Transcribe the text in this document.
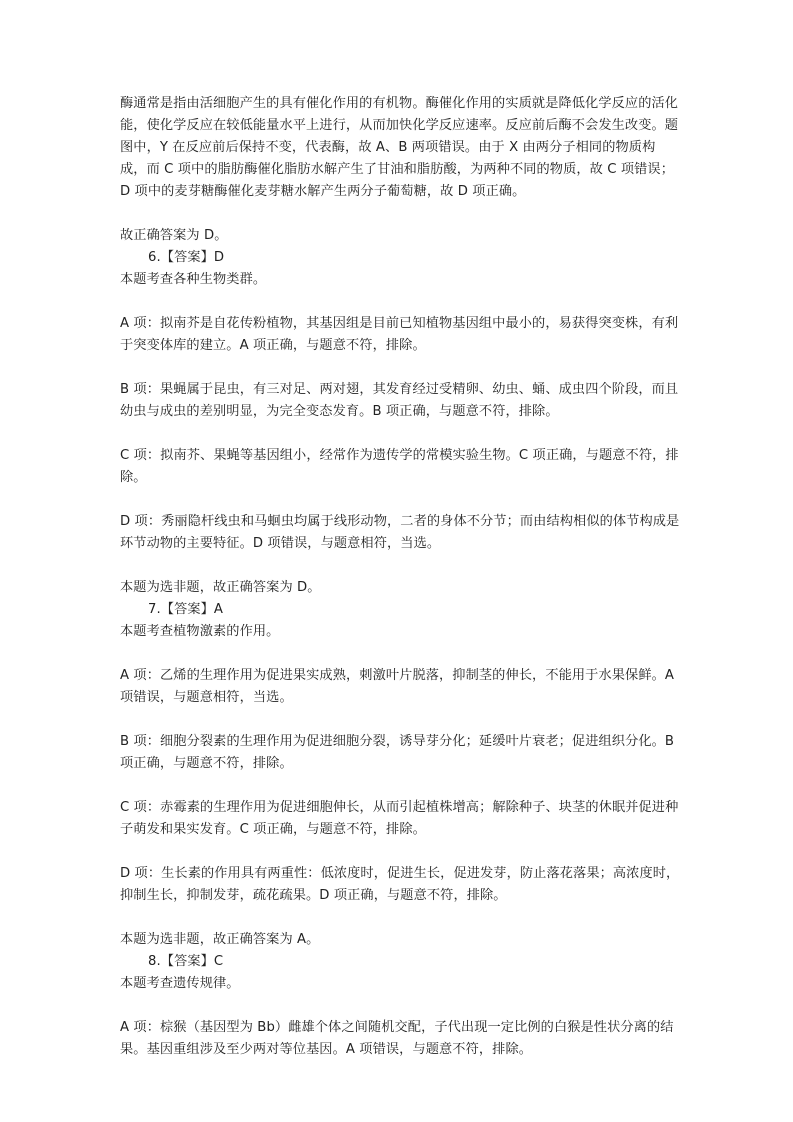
酶通常是指由活细胞产生的具有催化作用的有机物。酶催化作用的实质就是降低化学反应的活化能，使化学反应在较低能量水平上进行，从而加快化学反应速率。反应前后酶不会发生改变。题图中，Y 在反应前后保持不变，代表酶，故 A、B 两项错误。由于 X 由两分子相同的物质构成，而 C 项中的脂肪酶催化脂肪水解产生了甘油和脂肪酸，为两种不同的物质，故 C 项错误；D 项中的麦芽糖酶催化麦芽糖水解产生两分子葡萄糖，故 D 项正确。

故正确答案为 D。

6.【答案】D

本题考查各种生物类群。

A 项：拟南芥是自花传粉植物，其基因组是目前已知植物基因组中最小的，易获得突变株，有利于突变体库的建立。A 项正确，与题意不符，排除。

B 项：果蝇属于昆虫，有三对足、两对翅，其发育经过受精卵、幼虫、蛹、成虫四个阶段，而且幼虫与成虫的差别明显，为完全变态发育。B 项正确，与题意不符，排除。

C 项：拟南芥、果蝇等基因组小，经常作为遗传学的常模实验生物。C 项正确，与题意不符，排除。

D 项：秀丽隐杆线虫和马蛔虫均属于线形动物，二者的身体不分节；而由结构相似的体节构成是环节动物的主要特征。D 项错误，与题意相符，当选。

本题为选非题，故正确答案为 D。

7.【答案】A

本题考查植物激素的作用。

A 项：乙烯的生理作用为促进果实成熟，刺激叶片脱落，抑制茎的伸长，不能用于水果保鲜。A 项错误，与题意相符，当选。

B 项：细胞分裂素的生理作用为促进细胞分裂，诱导芽分化；延缓叶片衰老；促进组织分化。B 项正确，与题意不符，排除。

C 项：赤霉素的生理作用为促进细胞伸长，从而引起植株增高；解除种子、块茎的休眠并促进种子萌发和果实发育。C 项正确，与题意不符，排除。

D 项：生长素的作用具有两重性：低浓度时，促进生长，促进发芽，防止落花落果；高浓度时，抑制生长，抑制发芽，疏花疏果。D 项正确，与题意不符，排除。

本题为选非题，故正确答案为 A。

8.【答案】C

本题考查遗传规律。

A 项：棕猴（基因型为 Bb）雌雄个体之间随机交配，子代出现一定比例的白猴是性状分离的结果。基因重组涉及至少两对等位基因。A 项错误，与题意不符，排除。
